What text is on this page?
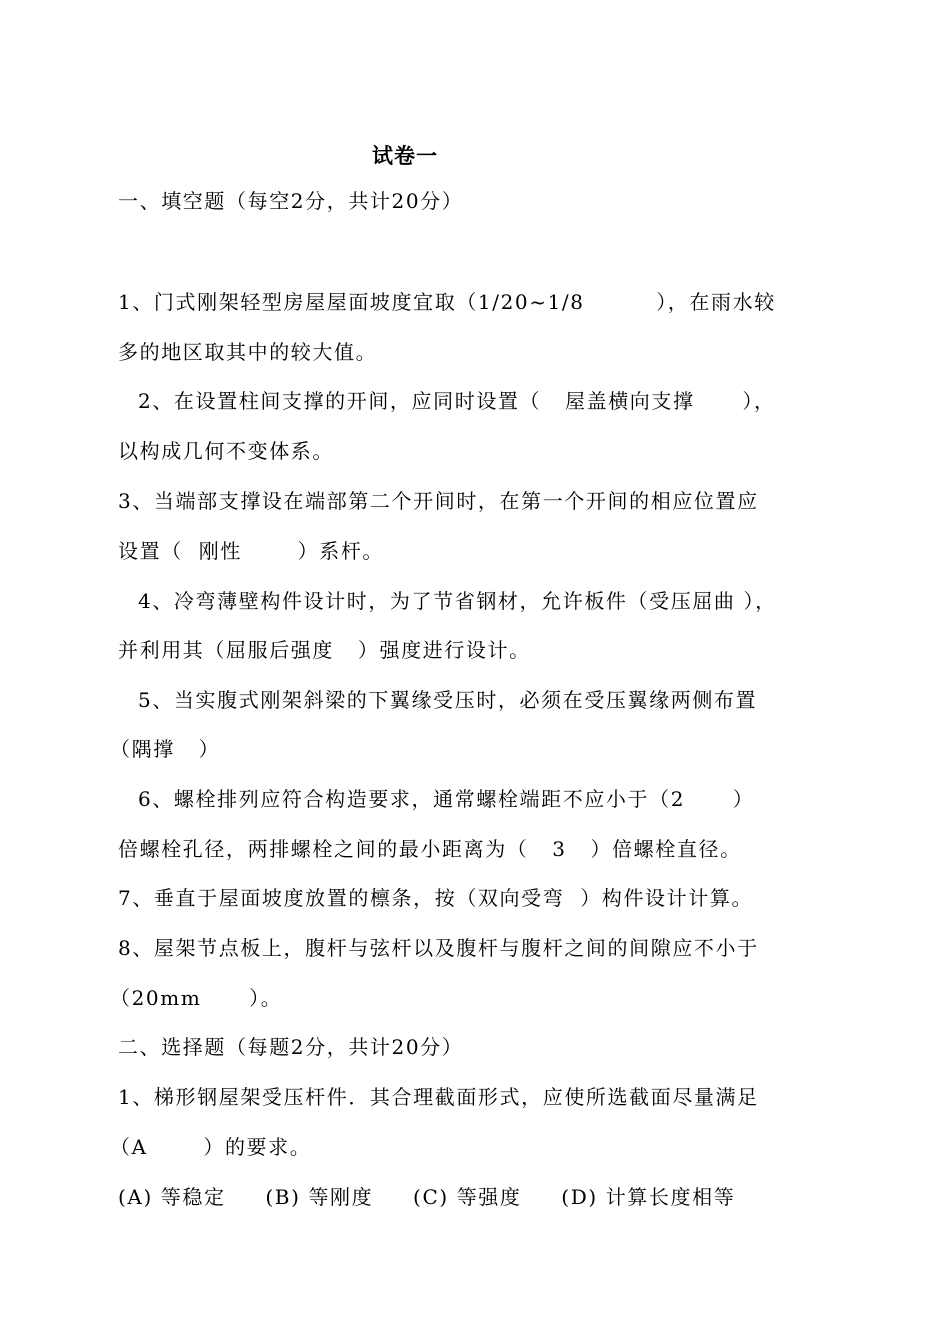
试卷一
一、填空题（每空2分，共计20分）
1、门式刚架轻型房屋屋面坡度宜取（1/20~1/8         ），在雨水较
多的地区取其中的较大值。
2、在设置柱间支撑的开间，应同时设置（   屋盖横向支撑      ），
以构成几何不变体系。
3、当端部支撑设在端部第二个开间时，在第一个开间的相应位置应
设置（  刚性       ）系杆。
4、冷弯薄壁构件设计时，为了节省钢材，允许板件（受压屈曲 ），
并利用其（屈服后强度   ）强度进行设计。
5、当实腹式刚架斜梁的下翼缘受压时，必须在受压翼缘两侧布置
（隅撑   ）
6、螺栓排列应符合构造要求，通常螺栓端距不应小于（2      ）
倍螺栓孔径，两排螺栓之间的最小距离为（   3   ）倍螺栓直径。
7、垂直于屋面坡度放置的檩条，按（双向受弯  ）构件设计计算。
8、屋架节点板上，腹杆与弦杆以及腹杆与腹杆之间的间隙应不小于
（20mm      ）。
二、选择题（每题2分，共计20分）
1、梯形钢屋架受压杆件．其合理截面形式，应使所选截面尽量满足
（A       ）的要求。
(A) 等稳定     (B) 等刚度     (C) 等强度     (D) 计算长度相等
